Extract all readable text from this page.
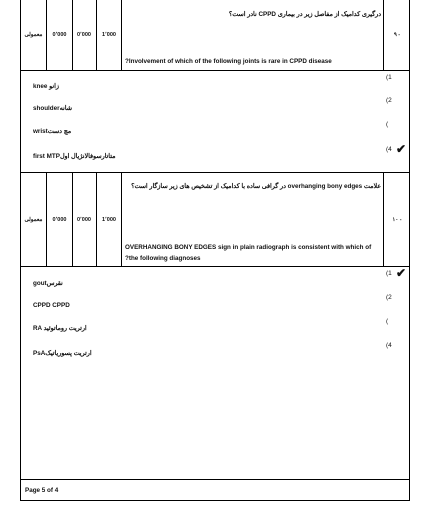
معمولی 0٬000 0٬000 1٬000
درگیری کدامیک از مفاصل زیر در بیماری CPPD نادر است؟
?Involvement of which of the following joints is rare in CPPD disease
۹ -
knee زانو
(1
shoulderشانه
(2
wristمچ دست
(
first MTPمتاتارسوفالانژیال اول
(4 ✔
معمولی 0٬000 0٬000 1٬000
علامت overhanging bony edges در گرافی ساده با کدامیک از تشخیص های زیر سازگار است؟
OVERHANGING BONY EDGES sign in plain radiograph is consistent with which of
?the following diagnoses
۱۰ -
(1 ✔
goutنقرس
(2
CPPD CPPD
(
RA ارتریت روماتوئید
(4
PsAارتریت پسوریاتیک
Page 5 of 4
